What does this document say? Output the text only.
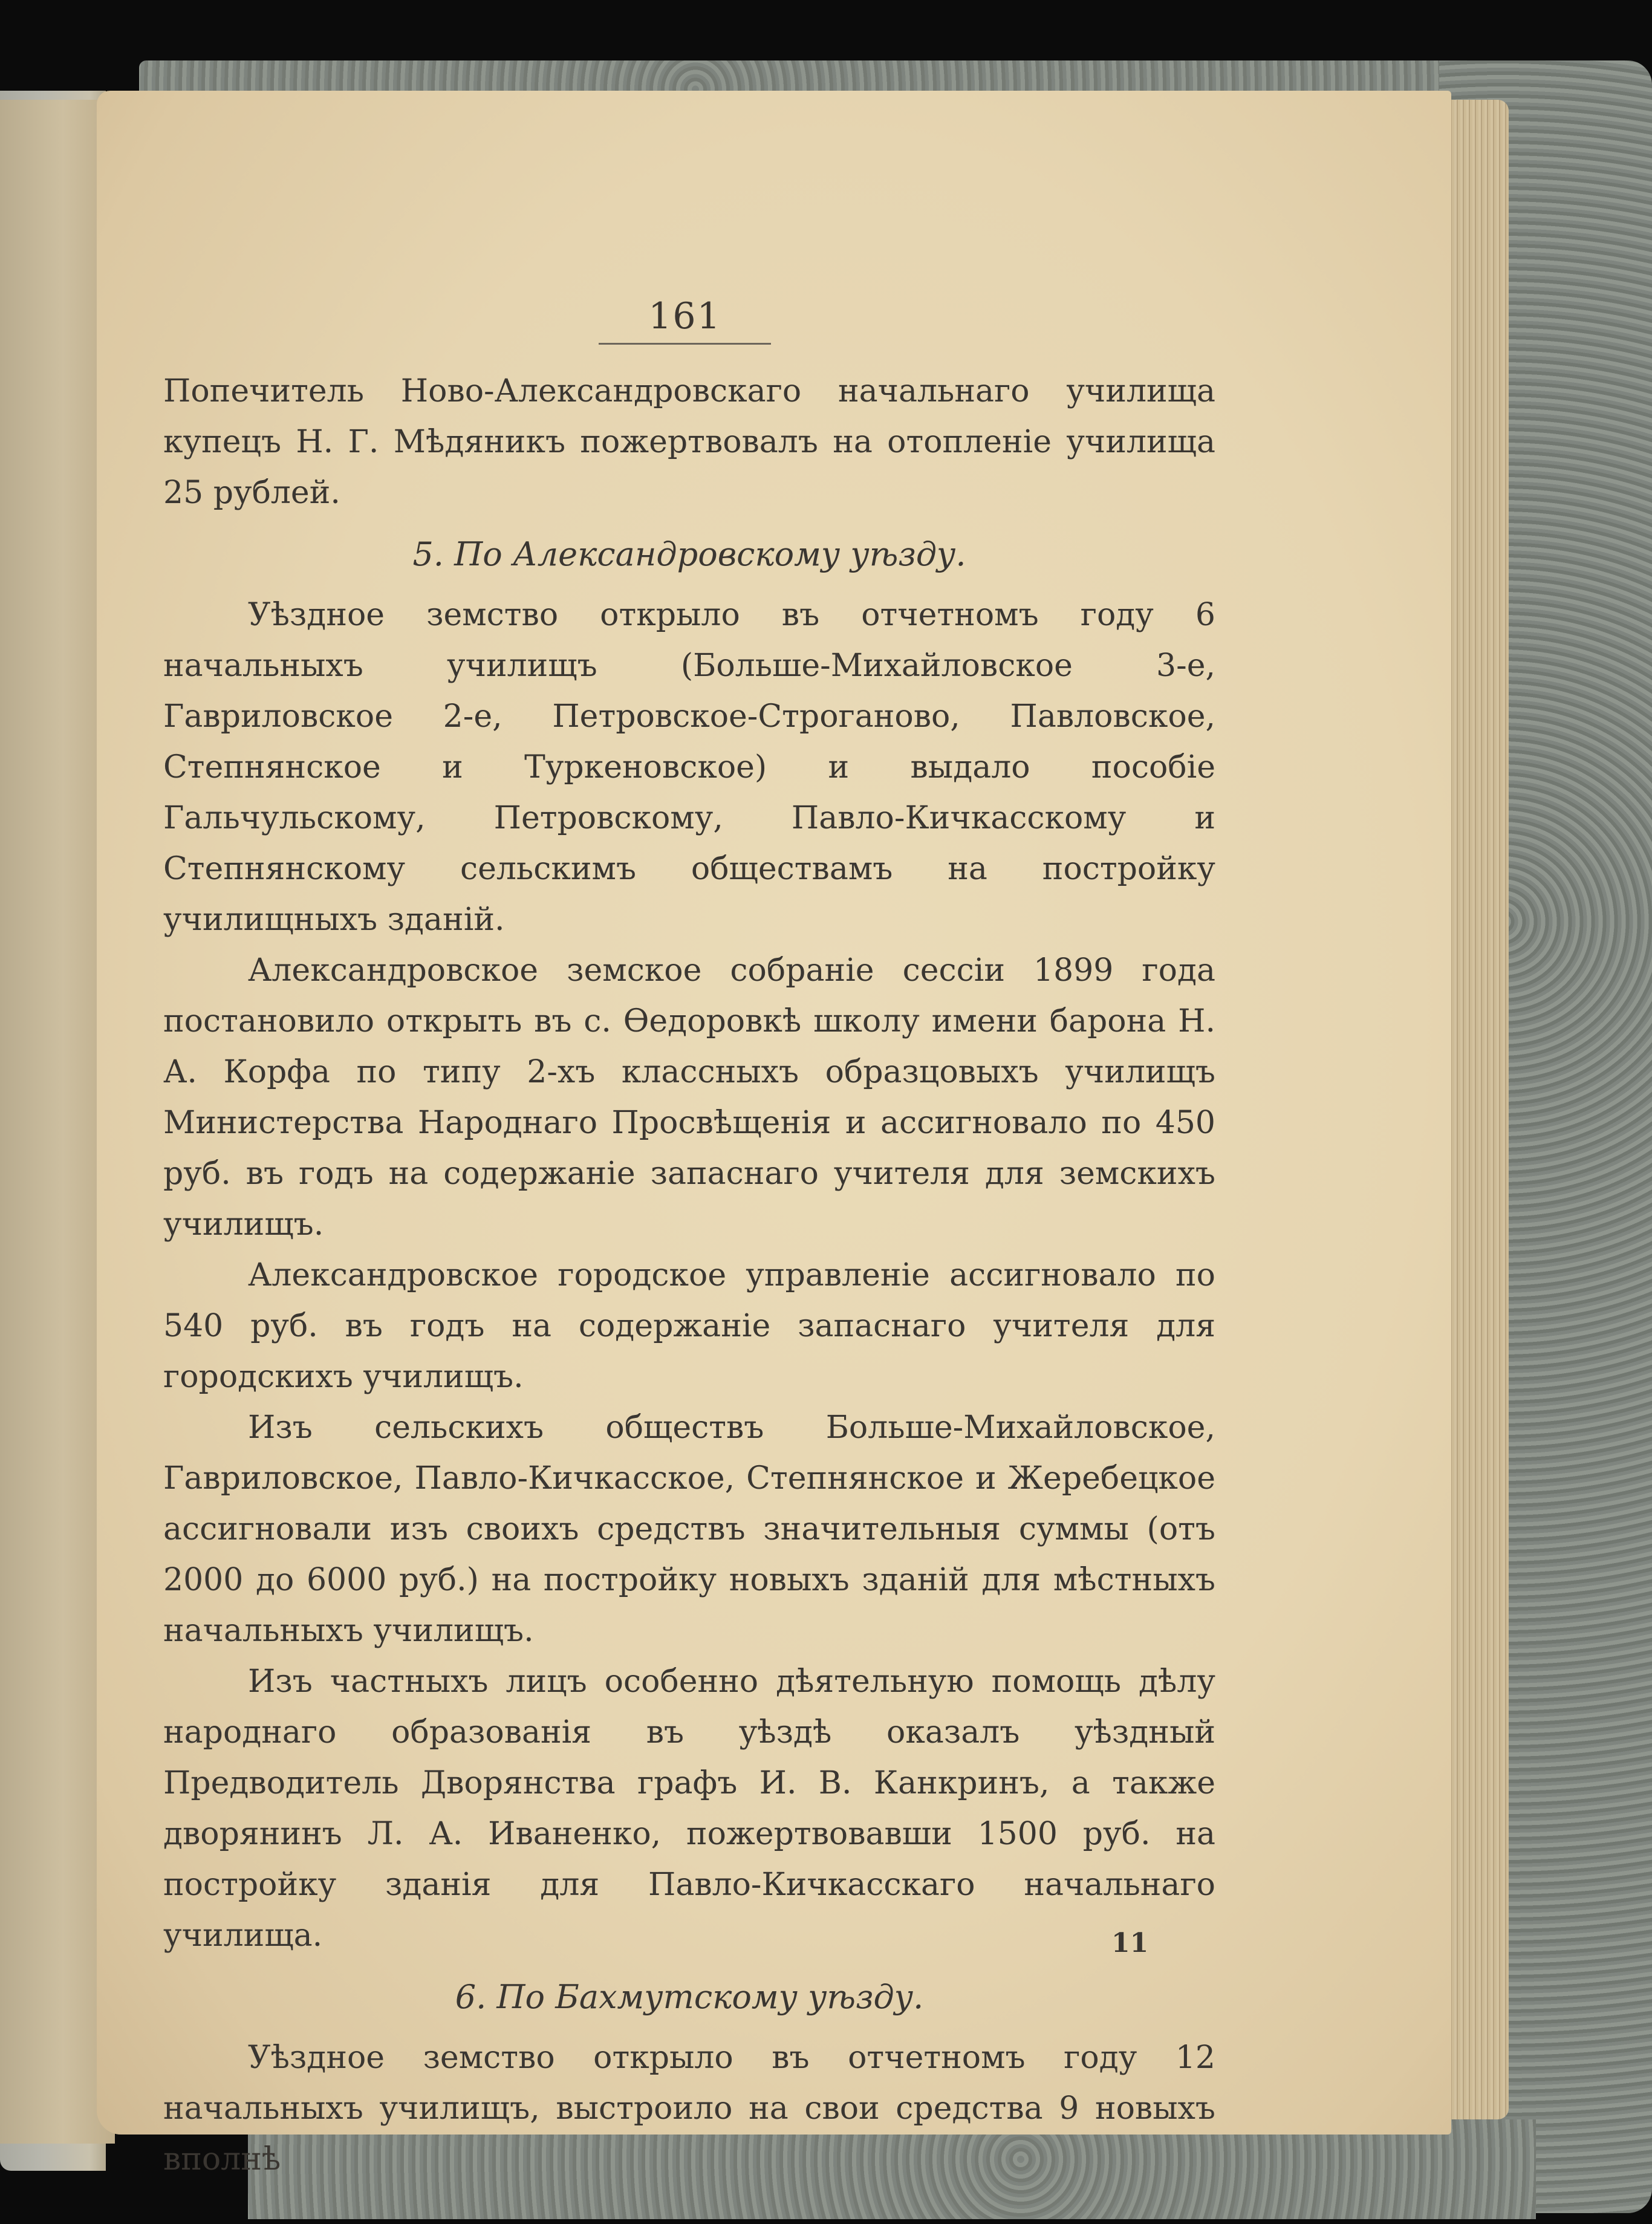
161

Попечитель Ново-Александровскаго начальнаго училища купецъ Н. Г. Мѣдяникъ пожертвовалъ на отопленіе училища 25 рублей.

5. По Александровскому уѣзду.

Уѣздное земство открыло въ отчетномъ году 6 начальныхъ училищъ (Больше-Михайловское 3-е, Гавриловское 2-е, Петровское-Строганово, Павловское, Степнянское и Туркеновское) и выдало пособіе Гальчульскому, Петровскому, Павло-Кичкасскому и Степнянскому сельскимъ обществамъ на постройку училищныхъ зданій.

Александровское земское собраніе сессіи 1899 года постановило открыть въ с. Ѳедоровкѣ школу имени барона Н. А. Корфа по типу 2-хъ классныхъ образцовыхъ училищъ Министерства Народнаго Просвѣщенія и ассигновало по 450 руб. въ годъ на содержаніе запаснаго учителя для земскихъ училищъ.

Александровское городское управленіе ассигновало по 540 руб. въ годъ на содержаніе запаснаго учителя для городскихъ училищъ.

Изъ сельскихъ обществъ Больше-Михайловское, Гавриловское, Павло-Кичкасское, Степнянское и Жеребецкое ассигновали изъ своихъ средствъ значительныя суммы (отъ 2000 до 6000 руб.) на постройку новыхъ зданій для мѣстныхъ начальныхъ училищъ.

Изъ частныхъ лицъ особенно дѣятельную помощь дѣлу народнаго образованія въ уѣздѣ оказалъ уѣздный Предводитель Дворянства графъ И. В. Канкринъ, а также дворянинъ Л. А. Иваненко, пожертвовавши 1500 руб. на постройку зданія для Павло-Кичкасскаго начальнаго училища.

6. По Бахмутскому уѣзду.

Уѣздное земство открыло въ отчетномъ году 12 начальныхъ училищъ, выстроило на свои средства 9 новыхъ вполнѣ

11
